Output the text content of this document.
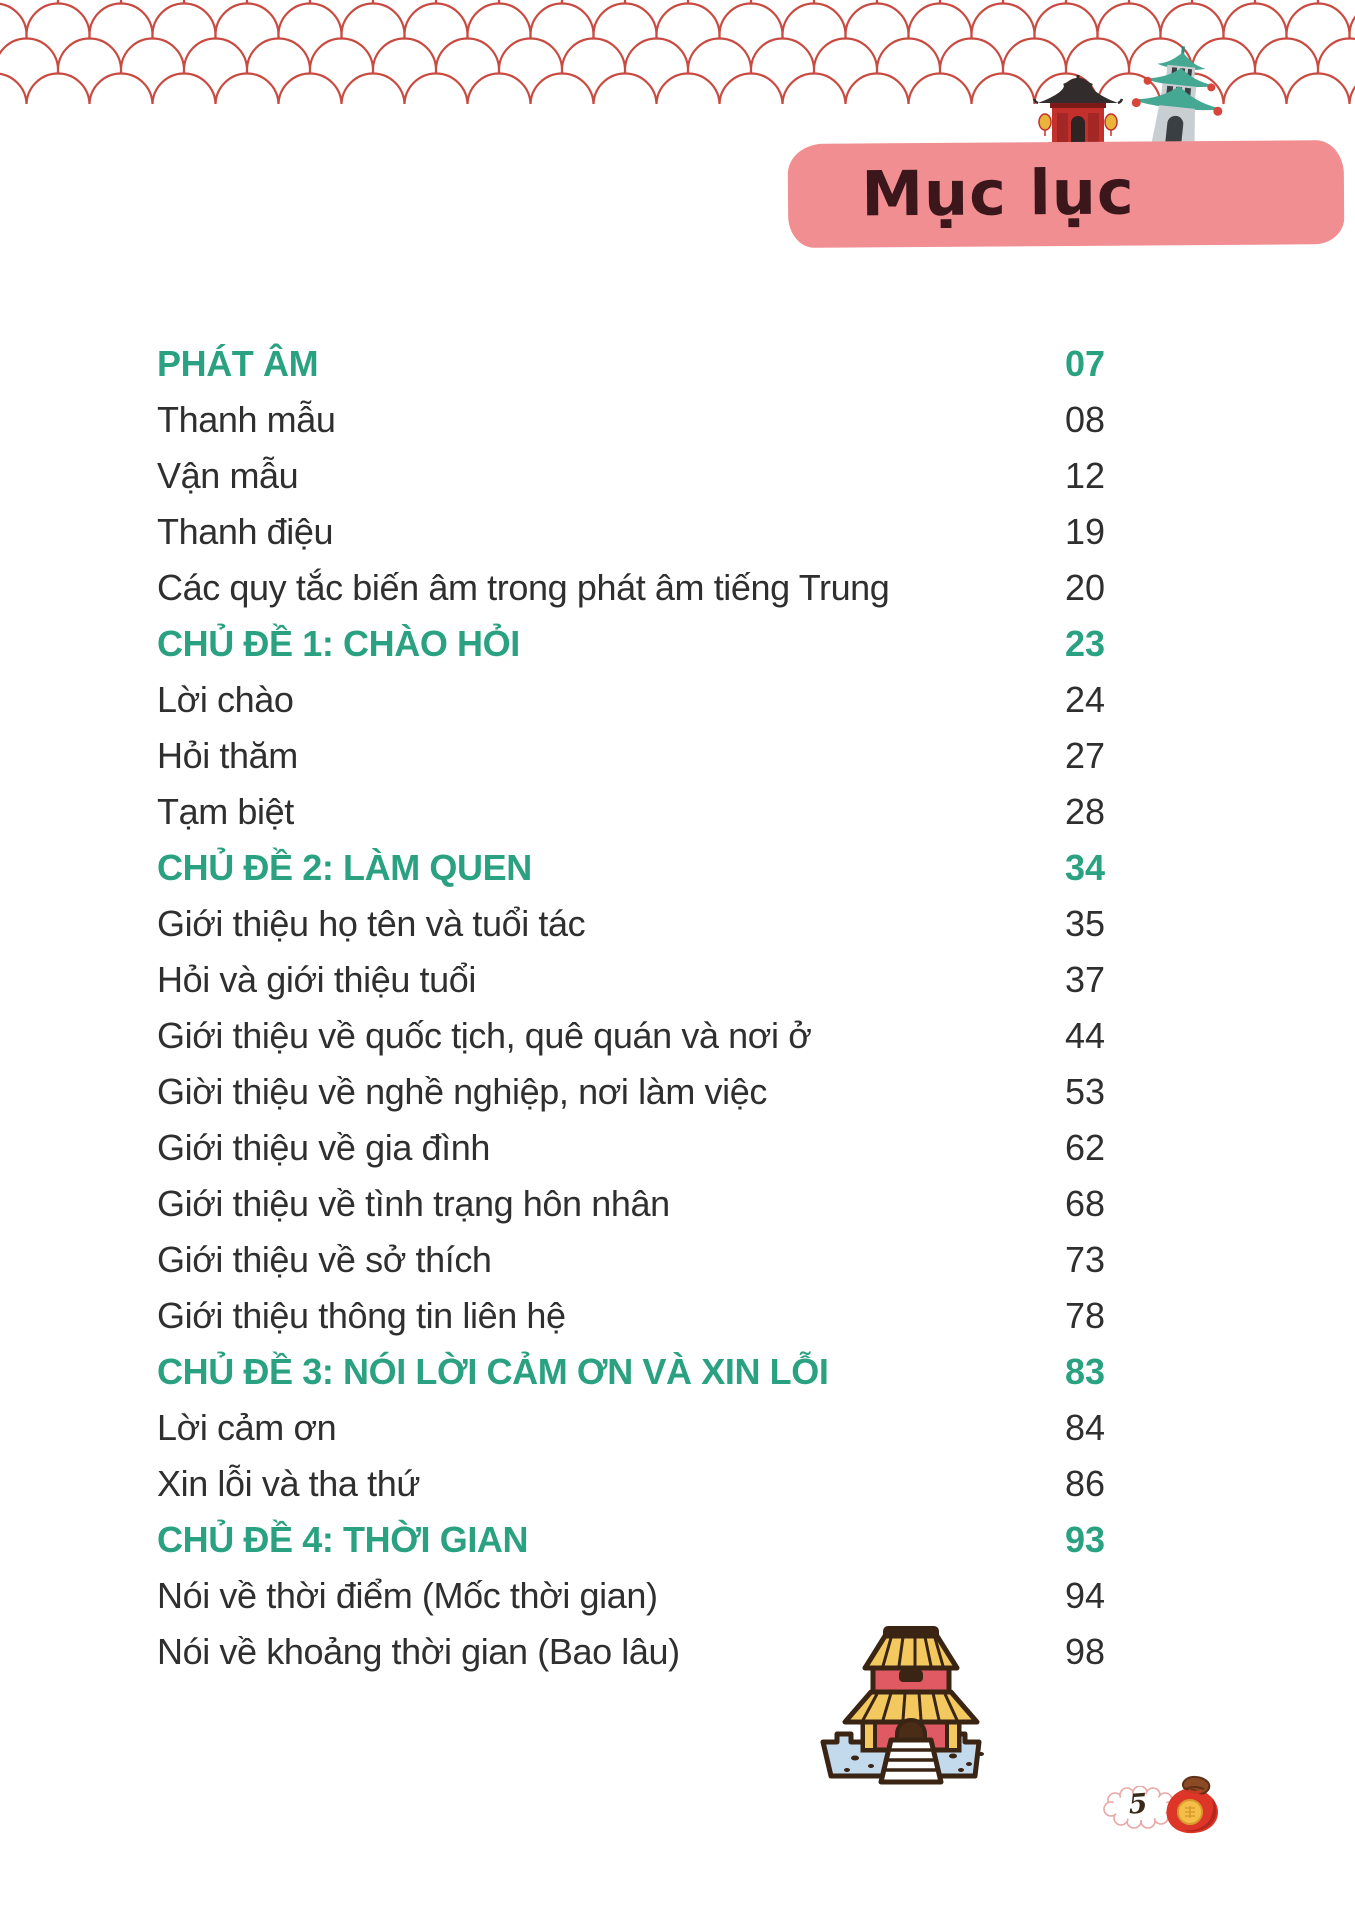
Mục lục
PHÁT ÂM	07
Thanh mẫu	08
Vận mẫu	12
Thanh điệu	19
Các quy tắc biến âm trong phát âm tiếng Trung	20
CHỦ ĐỀ 1: CHÀO HỎI	23
Lời chào	24
Hỏi thăm	27
Tạm biệt	28
CHỦ ĐỀ 2: LÀM QUEN	34
Giới thiệu họ tên và tuổi tác	35
Hỏi và giới thiệu tuổi	37
Giới thiệu về quốc tịch, quê quán và nơi ở	44
Giời thiệu về nghề nghiệp, nơi làm việc	53
Giới thiệu về gia đình	62
Giới thiệu về tình trạng hôn nhân	68
Giới thiệu về sở thích	73
Giới thiệu thông tin liên hệ	78
CHỦ ĐỀ 3: NÓI LỜI CẢM ƠN VÀ XIN LỖI	83
Lời cảm ơn	84
Xin lỗi và tha thứ	86
CHỦ ĐỀ 4: THỜI GIAN	93
Nói về thời điểm (Mốc thời gian)	94
Nói về khoảng thời gian (Bao lâu)	98
5
